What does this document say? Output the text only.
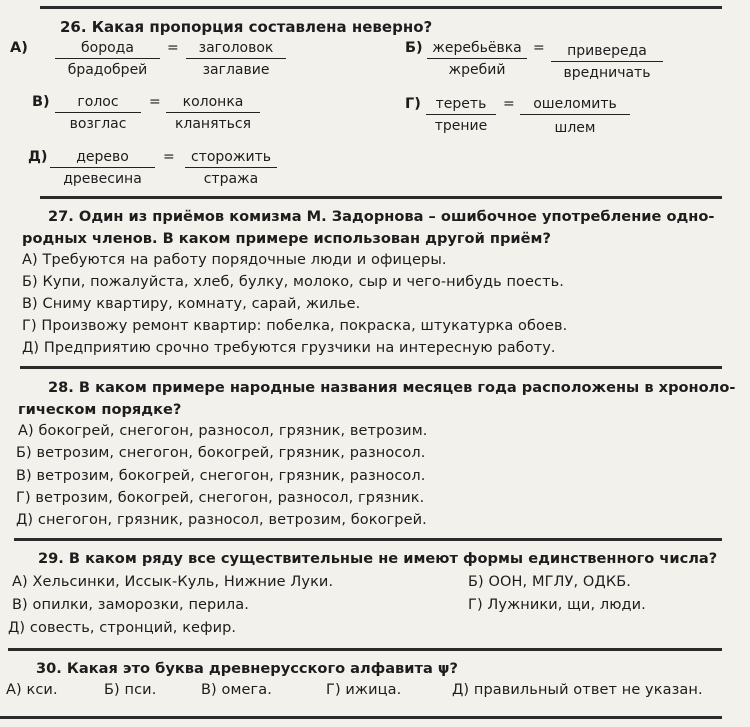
26. Какая пропорция составлена неверно?
А)	борода
брадобрей
=	заголовок
заглавие
Б) жеребьёвка
жребий
=	привереда
вредничать
В)	голос
возглас
=	колонка
кланяться
Г)	тереть
трение
=	ошеломить
шлем
Д)	дерево
древесина
=	сторожить
стража
27. Один из приёмов комизма М. Задорнова – ошибочное употребление одно-
родных членов. В каком примере использован другой приём?
А) Требуются на работу порядочные люди и офицеры.
Б) Купи, пожалуйста, хлеб, булку, молоко, сыр и чего-нибудь поесть.
В) Сниму квартиру, комнату, сарай, жилье.
Г) Произвожу ремонт квартир: побелка, покраска, штукатурка обоев.
Д) Предприятию срочно требуются грузчики на интересную работу.
28. В каком примере народные названия месяцев года расположены в хроноло-
гическом порядке?
А) бокогрей, снегогон, разносол, грязник, ветрозим.
Б) ветрозим, снегогон, бокогрей, грязник, разносол.
В) ветрозим, бокогрей, снегогон, грязник, разносол.
Г) ветрозим, бокогрей, снегогон, разносол, грязник.
Д) снегогон, грязник, разносол, ветрозим, бокогрей.
29. В каком ряду все существительные не имеют формы единственного числа?
А) Хельсинки, Иссык-Куль, Нижние Луки.	Б) ООН, МГЛУ, ОДКБ.
В) опилки, заморозки, перила.	Г) Лужники, щи, люди.
Д) совесть, стронций, кефир.
30. Какая это буква древнерусского алфавита ψ?
А) кси.	Б) пси.	В) омега.	Г) ижица.	Д) правильный ответ не указан.
